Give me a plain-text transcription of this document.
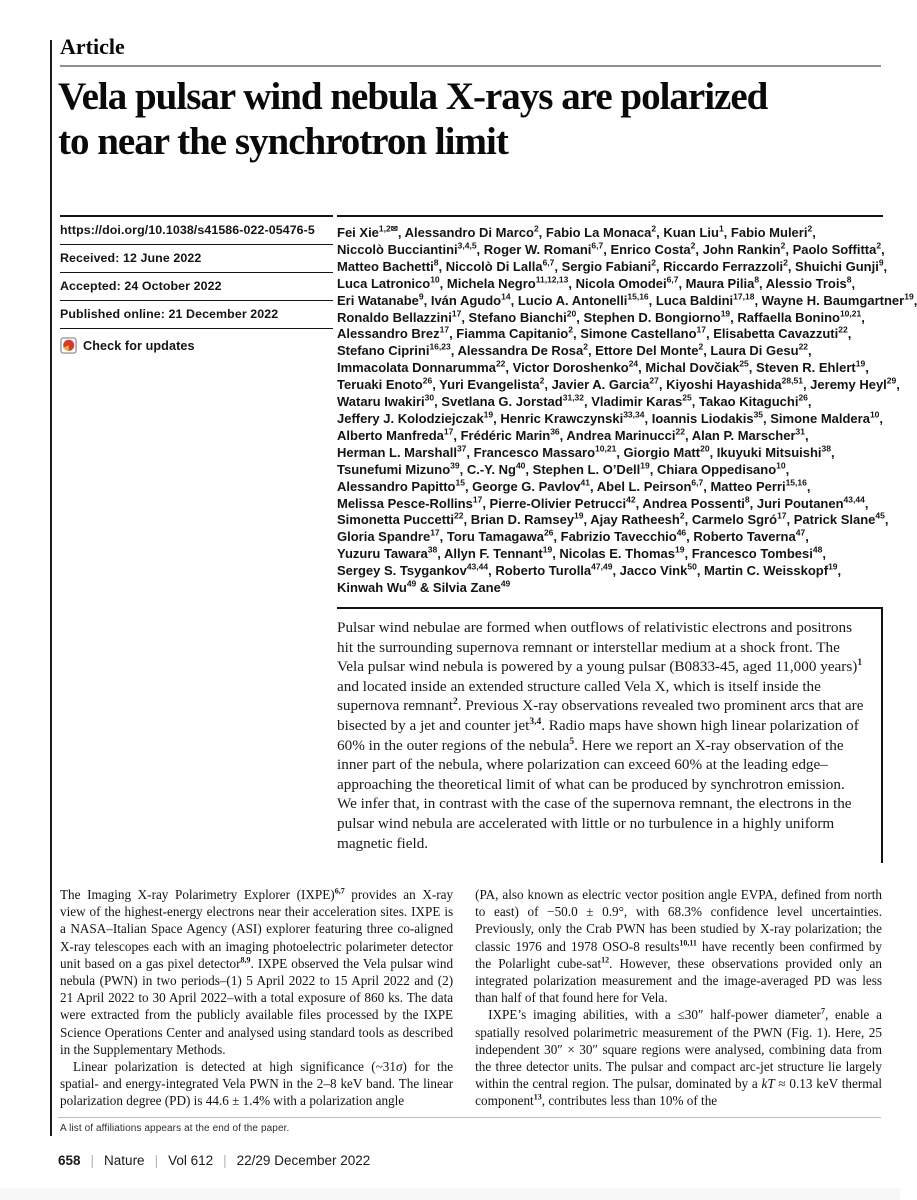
Article
Vela pulsar wind nebula X-rays are polarized
to near the synchrotron limit
https://doi.org/10.1038/s41586-022-05476-5
Received: 12 June 2022
Accepted: 24 October 2022
Published online: 21 December 2022
Check for updates
Fei Xie$^{1,2✉}$, Alessandro Di Marco$^2$, Fabio La Monaca$^2$, Kuan Liu$^1$, Fabio Muleri$^2$,
Niccolò Bucciantini$^{3,4,5}$, Roger W. Romani$^{6,7}$, Enrico Costa$^2$, John Rankin$^2$, Paolo Soffitta$^2$,
Matteo Bachetti$^8$, Niccolò Di Lalla$^{6,7}$, Sergio Fabiani$^2$, Riccardo Ferrazzoli$^2$, Shuichi Gunji$^9$,
Luca Latronico$^{10}$, Michela Negro$^{11,12,13}$, Nicola Omodei$^{6,7}$, Maura Pilia$^8$, Alessio Trois$^8$,
Eri Watanabe$^9$, Iván Agudo$^{14}$, Lucio A. Antonelli$^{15,16}$, Luca Baldini$^{17,18}$, Wayne H. Baumgartner$^{19}$,
Ronaldo Bellazzini$^{17}$, Stefano Bianchi$^{20}$, Stephen D. Bongiorno$^{19}$, Raffaella Bonino$^{10,21}$,
Alessandro Brez$^{17}$, Fiamma Capitanio$^2$, Simone Castellano$^{17}$, Elisabetta Cavazzuti$^{22}$,
Stefano Ciprini$^{16,23}$, Alessandra De Rosa$^2$, Ettore Del Monte$^2$, Laura Di Gesu$^{22}$,
Immacolata Donnarumma$^{22}$, Victor Doroshenko$^{24}$, Michal Dovčiak$^{25}$, Steven R. Ehlert$^{19}$,
Teruaki Enoto$^{26}$, Yuri Evangelista$^2$, Javier A. Garcia$^{27}$, Kiyoshi Hayashida$^{28,51}$, Jeremy Heyl$^{29}$,
Wataru Iwakiri$^{30}$, Svetlana G. Jorstad$^{31,32}$, Vladimir Karas$^{25}$, Takao Kitaguchi$^{26}$,
Jeffery J. Kolodziejczak$^{19}$, Henric Krawczynski$^{33,34}$, Ioannis Liodakis$^{35}$, Simone Maldera$^{10}$,
Alberto Manfreda$^{17}$, Frédéric Marin$^{36}$, Andrea Marinucci$^{22}$, Alan P. Marscher$^{31}$,
Herman L. Marshall$^{37}$, Francesco Massaro$^{10,21}$, Giorgio Matt$^{20}$, Ikuyuki Mitsuishi$^{38}$,
Tsunefumi Mizuno$^{39}$, C.-Y. Ng$^{40}$, Stephen L. O’Dell$^{19}$, Chiara Oppedisano$^{10}$,
Alessandro Papitto$^{15}$, George G. Pavlov$^{41}$, Abel L. Peirson$^{6,7}$, Matteo Perri$^{15,16}$,
Melissa Pesce-Rollins$^{17}$, Pierre-Olivier Petrucci$^{42}$, Andrea Possenti$^8$, Juri Poutanen$^{43,44}$,
Simonetta Puccetti$^{22}$, Brian D. Ramsey$^{19}$, Ajay Ratheesh$^2$, Carmelo Sgró$^{17}$, Patrick Slane$^{45}$,
Gloria Spandre$^{17}$, Toru Tamagawa$^{26}$, Fabrizio Tavecchio$^{46}$, Roberto Taverna$^{47}$,
Yuzuru Tawara$^{38}$, Allyn F. Tennant$^{19}$, Nicolas E. Thomas$^{19}$, Francesco Tombesi$^{48}$,
Sergey S. Tsygankov$^{43,44}$, Roberto Turolla$^{47,49}$, Jacco Vink$^{50}$, Martin C. Weisskopf$^{19}$,
Kinwah Wu$^{49}$ & Silvia Zane$^{49}$

Pulsar wind nebulae are formed when outflows of relativistic electrons and positrons hit the surrounding supernova remnant or interstellar medium at a shock front. The Vela pulsar wind nebula is powered by a young pulsar (B0833-45, aged 11,000 years)$^1$ and located inside an extended structure called Vela X, which is itself inside the supernova remnant$^2$. Previous X-ray observations revealed two prominent arcs that are bisected by a jet and counter jet$^{3,4}$. Radio maps have shown high linear polarization of 60% in the outer regions of the nebula$^5$. Here we report an X-ray observation of the inner part of the nebula, where polarization can exceed 60% at the leading edge–approaching the theoretical limit of what can be produced by synchrotron emission. We infer that, in contrast with the case of the supernova remnant, the electrons in the pulsar wind nebula are accelerated with little or no turbulence in a highly uniform magnetic field.

The Imaging X-ray Polarimetry Explorer (IXPE)$^{6,7}$ provides an X-ray view of the highest-energy electrons near their acceleration sites. IXPE is a NASA–Italian Space Agency (ASI) explorer featuring three co-aligned X-ray telescopes each with an imaging photoelectric polarimeter detector unit based on a gas pixel detector$^{8,9}$. IXPE observed the Vela pulsar wind nebula (PWN) in two periods–(1) 5 April 2022 to 15 April 2022 and (2) 21 April 2022 to 30 April 2022–with a total exposure of 860 ks. The data were extracted from the publicly available files processed by the IXPE Science Operations Center and analysed using standard tools as described in the Supplementary Methods.

Linear polarization is detected at high significance (~31σ) for the spatial- and energy-integrated Vela PWN in the 2–8 keV band. The linear polarization degree (PD) is 44.6 ± 1.4% with a polarization angle

(PA, also known as electric vector position angle EVPA, defined from north to east) of −50.0 ± 0.9°, with 68.3% confidence level uncertainties. Previously, only the Crab PWN has been studied by X-ray polarization; the classic 1976 and 1978 OSO-8 results$^{10,11}$ have recently been confirmed by the Polarlight cube-sat$^{12}$. However, these observations provided only an integrated polarization measurement and the image-averaged PD was less than half of that found here for Vela.

IXPE’s imaging abilities, with a ≤30″ half-power diameter$^7$, enable a spatially resolved polarimetric measurement of the PWN (Fig. 1). Here, 25 independent 30″ × 30″ square regions were analysed, combining data from the three detector units. The pulsar and compact arc-jet structure lie largely within the central region. The pulsar, dominated by a kT ≈ 0.13 keV thermal component$^{13}$, contributes less than 10% of the

A list of affiliations appears at the end of the paper.
658 | Nature | Vol 612 | 22/29 December 2022
